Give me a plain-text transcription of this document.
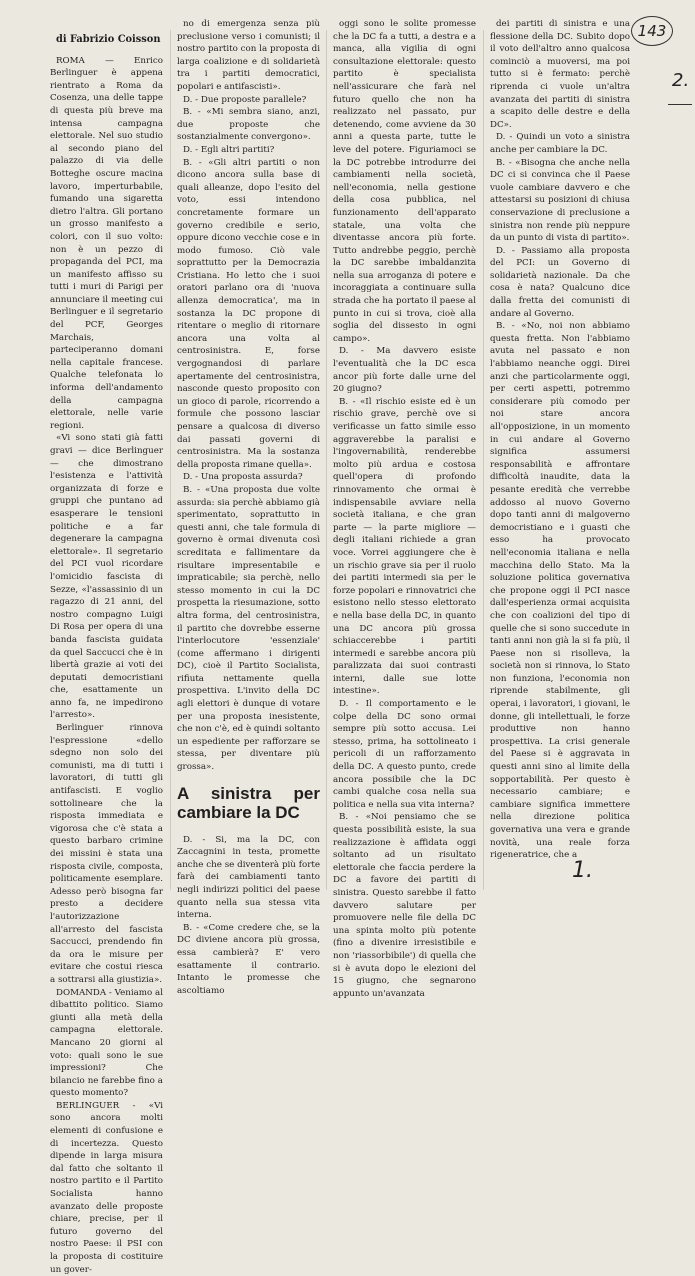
143
2.

di Fabrizio Coisson

ROMA — Enrico Berlinguer è appena rientrato a Roma da Cosenza, una delle tappe di questa più breve ma intensa campagna elettorale. Nel suo studio al secondo piano del palazzo di via delle Botteghe oscure macina lavoro, imperturbabile, fumando una sigaretta dietro l'altra. Gli portano un grosso manifesto a colori, con il suo volto: non è un pezzo di propaganda del PCI, ma un manifesto affisso su tutti i muri di Parigi per annunciare il meeting cui Berlinguer e il segretario del PCF, Georges Marchais, parteciperanno domani nella capitale francese. Qualche telefonata lo informa dell'andamento della campagna elettorale, nelle varie regioni.

«Vi sono stati già fatti gravi — dice Berlinguer — che dimostrano l'esistenza e l'attività organizzata di forze e gruppi che puntano ad esasperare le tensioni politiche e a far degenerare la campagna elettorale». Il segretario del PCI vuol ricordare l'omicidio fascista di Sezze, «l'assassinio di un ragazzo di 21 anni, del nostro compagno Luigi Di Rosa per opera di una banda fascista guidata da quel Saccucci che è in libertà grazie ai voti dei deputati democristiani che, esattamente un anno fa, ne impedirono l'arresto».

Berlinguer rinnova l'espressione «dello sdegno non solo dei comunisti, ma di tutti i lavoratori, di tutti gli antifascisti. E voglio sottolineare che la risposta immediata e vigorosa che c'è stata a questo barbaro crimine dei missini è stata una risposta civile, composta, politicamente esemplare. Adesso però bisogna far presto a decidere l'autorizzazione all'arresto del fascista Saccucci, prendendo fin da ora le misure per evitare che costui riesca a sottrarsi alla giustizia».

DOMANDA - Veniamo al dibattito politico. Siamo giunti alla metà della campagna elettorale. Mancano 20 giorni al voto: quali sono le sue impressioni? Che bilancio ne farebbe fino a questo momento?

BERLINGUER - «Vi sono ancora molti elementi di confusione e di incertezza. Questo dipende in larga misura dal fatto che soltanto il nostro partito e il Partito Socialista hanno avanzato delle proposte chiare, precise, per il futuro governo del nostro Paese: il PSI con la proposta di costituire un gover-

no di emergenza senza più preclusione verso i comunisti; il nostro partito con la proposta di larga coalizione e di solidarietà tra i partiti democratici, popolari e antifascisti».

D. - Due proposte parallele?

B. - «Mi sembra siano, anzi, due proposte che sostanzialmente convergono».

D. - Egli altri partiti?

B. - «Gli altri partiti o non dicono ancora sulla base di quali alleanze, dopo l'esito del voto, essi intendono concretamente formare un governo credibile e serio, oppure dicono vecchie cose e in modo fumoso. Ciò vale soprattutto per la Democrazia Cristiana. Ho letto che i suoi oratori parlano ora di 'nuova allenza democratica', ma in sostanza la DC propone di ritentare o meglio di ritornare ancora una volta al centrosinistra. E, forse vergognandosi di parlare apertamente del centrosinistra, nasconde questo proposito con un gioco di parole, ricorrendo a formule che possono lasciar pensare a qualcosa di diverso dai passati governi di centrosinistra. Ma la sostanza della proposta rimane quella».

D. - Una proposta assurda?

B. - «Una proposta due volte assurda: sia perchè abbiamo già sperimentato, soprattutto in questi anni, che tale formula di governo è ormai divenuta così screditata e fallimentare da risultare impresentabile e impraticabile; sia perchè, nello stesso momento in cui la DC prospetta la riesumazione, sotto altra forma, del centrosinistra, il partito che dovrebbe esserne l'interlocutore 'essenziale' (come affermano i dirigenti DC), cioè il Partito Socialista, rifiuta nettamente quella prospettiva. L'invito della DC agli elettori è dunque di votare per una proposta inesistente, che non c'è, ed è quindi soltanto un espediente per rafforzare se stessa, per diventare più grossa».

A sinistra per cambiare la DC

D. - Si, ma la DC, con Zaccagnini in testa, promette anche che se diventerà più forte farà dei cambiamenti tanto negli indirizzi politici del paese quanto nella sua stessa vita interna.

B. - «Come credere che, se la DC diviene ancora più grossa, essa cambierà? E' vero esattamente il contrario. Intanto le promesse che ascoltiamo

oggi sono le solite promesse che la DC fa a tutti, a destra e a manca, alla vigilia di ogni consultazione elettorale: questo partito è specialista nell'assicurare che farà nel futuro quello che non ha realizzato nel passato, pur detenendo, come avviene da 30 anni a questa parte, tutte le leve del potere. Figuriamoci se la DC potrebbe introdurre dei cambiamenti nella società, nell'economia, nella gestione della cosa pubblica, nel funzionamento dell'apparato statale, una volta che diventasse ancora più forte. Tutto andrebbe peggio, perchè la DC sarebbe imbaldanzita nella sua arroganza di potere e incoraggiata a continuare sulla strada che ha portato il paese al punto in cui si trova, cioè alla soglia del dissesto in ogni campo».

D. - Ma davvero esiste l'eventualità che la DC esca ancor più forte dalle urne del 20 giugno?

B. - «Il rischio esiste ed è un rischio grave, perchè ove si verificasse un fatto simile esso aggraverebbe la paralisi e l'ingovernabilità, renderebbe molto più ardua e costosa quell'opera di profondo rinnovamento che ormai è indispensabile avviare nella società italiana, e che gran parte — la parte migliore — degli italiani richiede a gran voce. Vorrei aggiungere che è un rischio grave sia per il ruolo dei partiti intermedi sia per le forze popolari e rinnovatrici che esistono nello stesso elettorato e nella base della DC, in quanto una DC ancora più grossa schiaccerebbe i partiti intermedi e sarebbe ancora più paralizzata dai suoi contrasti interni, dalle sue lotte intestine».

D. - Il comportamento e le colpe della DC sono ormai sempre più sotto accusa. Lei stesso, prima, ha sottolineato i pericoli di un rafforzamento della DC. A questo punto, crede ancora possibile che la DC cambi qualche cosa nella sua politica e nella sua vita interna?

B. - «Noi pensiamo che se questa possibilità esiste, la sua realizzazione è affidata oggi soltanto ad un risultato elettorale che faccia perdere la DC a favore dei partiti di sinistra. Questo sarebbe il fatto davvero salutare per promuovere nelle file della DC una spinta molto più potente (fino a divenire irresistibile e non 'riassorbibile') di quella che si è avuta dopo le elezioni del 15 giugno, che segnarono appunto un'avanzata

dei partiti di sinistra e una flessione della DC. Subito dopo il voto dell'altro anno qualcosa cominciò a muoversi, ma poi tutto si è fermato: perchè riprenda ci vuole un'altra avanzata dei partiti di sinistra a scapito delle destre e della DC».

D. - Quindi un voto a sinistra anche per cambiare la DC.

B. - «Bisogna che anche nella DC ci si convinca che il Paese vuole cambiare davvero e che attestarsi su posizioni di chiusa conservazione di preclusione a sinistra non rende più neppure da un punto di vista di partito».

D. - Passiamo alla proposta del PCI: un Governo di solidarietà nazionale. Da che cosa è nata? Qualcuno dice dalla fretta dei comunisti di andare al Governo.

B. - «No, noi non abbiamo questa fretta. Non l'abbiamo avuta nel passato e non l'abbiamo neanche oggi. Direi anzi che particolarmente oggi, per certi aspetti, potremmo considerare più comodo per noi stare ancora all'opposizione, in un momento in cui andare al Governo significa assumersi responsabilità e affrontare difficoltà inaudite, data la pesante eredità che verrebbe addosso al nuovo Governo dopo tanti anni di malgoverno democristiano e i guasti che esso ha provocato nell'economia italiana e nella macchina dello Stato. Ma la soluzione politica governativa che propone oggi il PCI nasce dall'esperienza ormai acquisita che con coalizioni del tipo di quelle che si sono succedute in tanti anni non già la si fa più, il Paese non si risolleva, la società non si rinnova, lo Stato non funziona, l'economia non riprende stabilmente, gli operai, i lavoratori, i giovani, le donne, gli intellettuali, le forze produttive non hanno prospettiva. La crisi generale del Paese si è aggravata in questi anni sino al limite della sopportabilità. Per questo è necessario cambiare; e cambiare significa immettere nella direzione politica governativa una vera e grande novità, una reale forza rigeneratrice, che a

1.
